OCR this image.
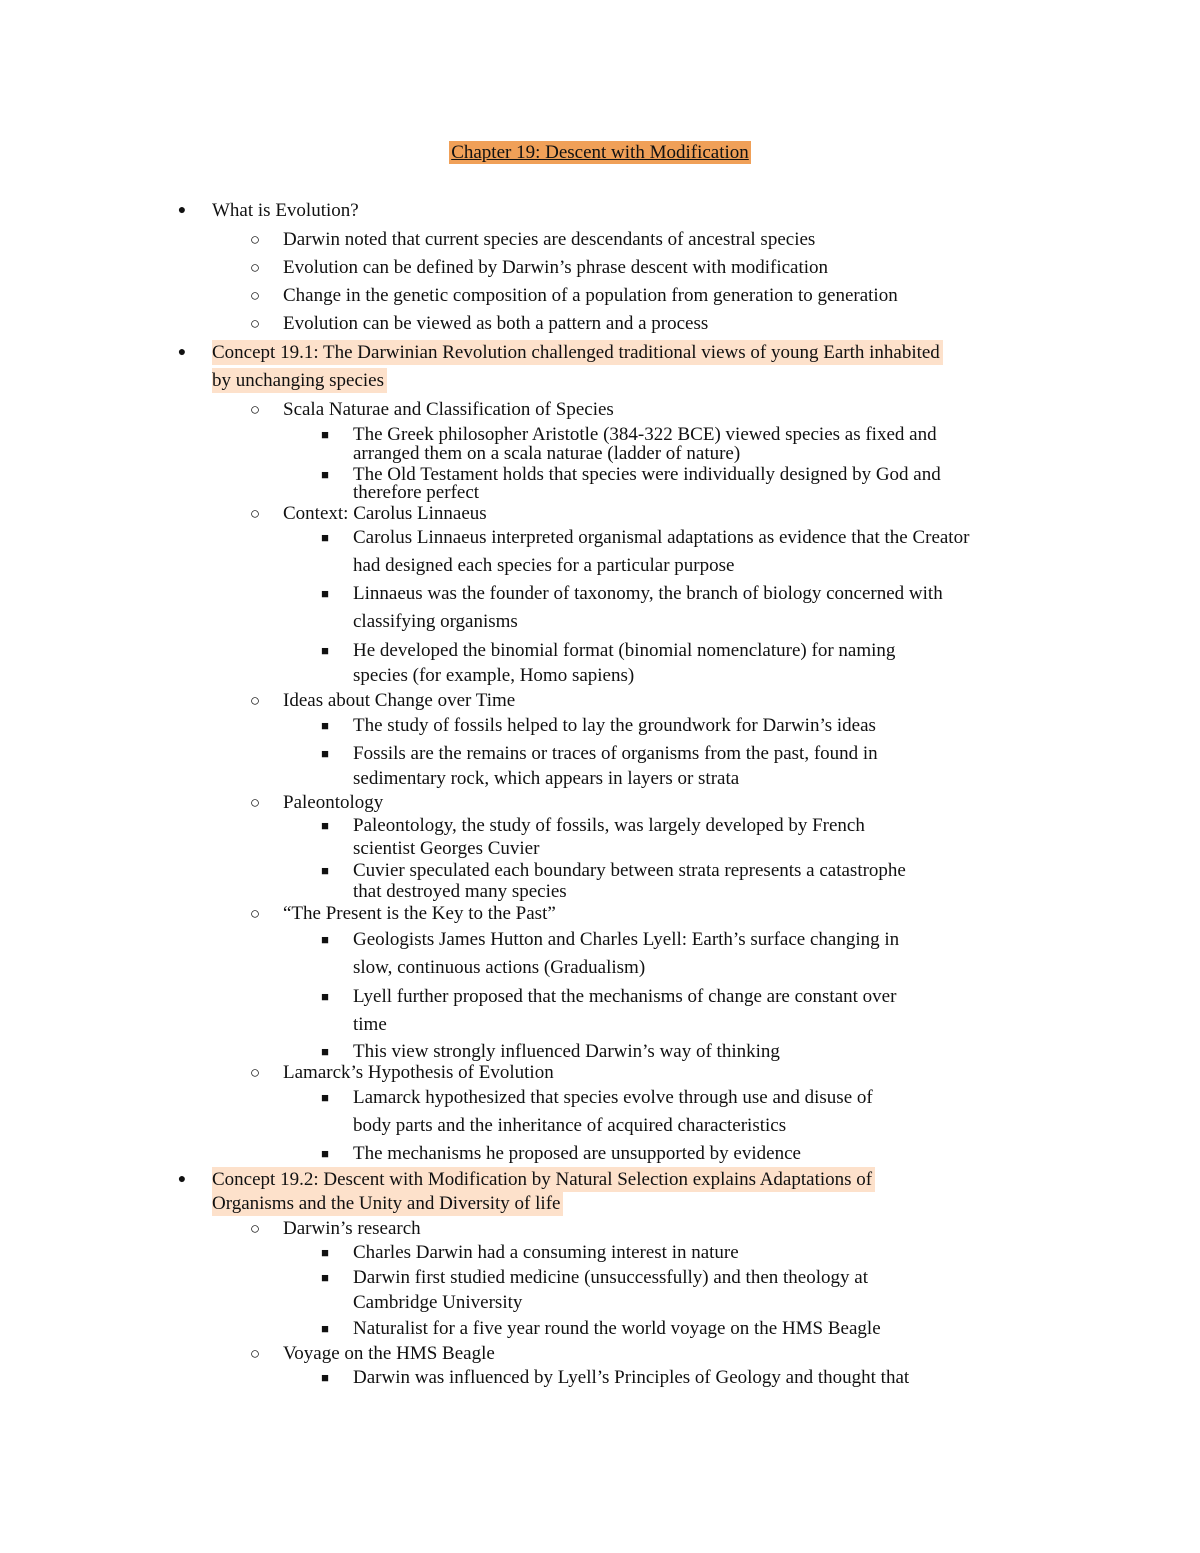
Chapter 19: Descent with Modification
●	What is Evolution?
○ Darwin noted that current species are descendants of ancestral species
○ Evolution can be defined by Darwin’s phrase descent with modification
○ Change in the genetic composition of a population from generation to generation
○ Evolution can be viewed as both a pattern and a process
●	Concept 19.1: The Darwinian Revolution challenged traditional views of young Earth inhabited
by unchanging species
○ Scala Naturae and Classification of Species
■	The Greek philosopher Aristotle (384-322 BCE) viewed species as fixed and
arranged them on a scala naturae (ladder of nature)
■	The Old Testament holds that species were individually designed by God and
therefore perfect
○ Context: Carolus Linnaeus
■	Carolus Linnaeus interpreted organismal adaptations as evidence that the Creator
had designed each species for a particular purpose
■	Linnaeus was the founder of taxonomy, the branch of biology concerned with
classifying organisms
■	He developed the binomial format (binomial nomenclature) for naming
species (for example, Homo sapiens)
○ Ideas about Change over Time
■	The study of fossils helped to lay the groundwork for Darwin’s ideas
■	Fossils are the remains or traces of organisms from the past, found in
sedimentary rock, which appears in layers or strata
○ Paleontology
■	Paleontology, the study of fossils, was largely developed by French
scientist Georges Cuvier
■	Cuvier speculated each boundary between strata represents a catastrophe
that destroyed many species
○ “The Present is the Key to the Past”
■	Geologists James Hutton and Charles Lyell: Earth’s surface changing in
slow, continuous actions (Gradualism)
■	Lyell further proposed that the mechanisms of change are constant over
time
■	This view strongly influenced Darwin’s way of thinking
○ Lamarck’s Hypothesis of Evolution
■	Lamarck hypothesized that species evolve through use and disuse of
body parts and the inheritance of acquired characteristics
■	The mechanisms he proposed are unsupported by evidence
●	Concept 19.2: Descent with Modification by Natural Selection explains Adaptations of
Organisms and the Unity and Diversity of life
○ Darwin’s research
■	Charles Darwin had a consuming interest in nature
■	Darwin first studied medicine (unsuccessfully) and then theology at
Cambridge University
■	Naturalist for a five year round the world voyage on the HMS Beagle
○ Voyage on the HMS Beagle
■	Darwin was influenced by Lyell’s Principles of Geology and thought that
